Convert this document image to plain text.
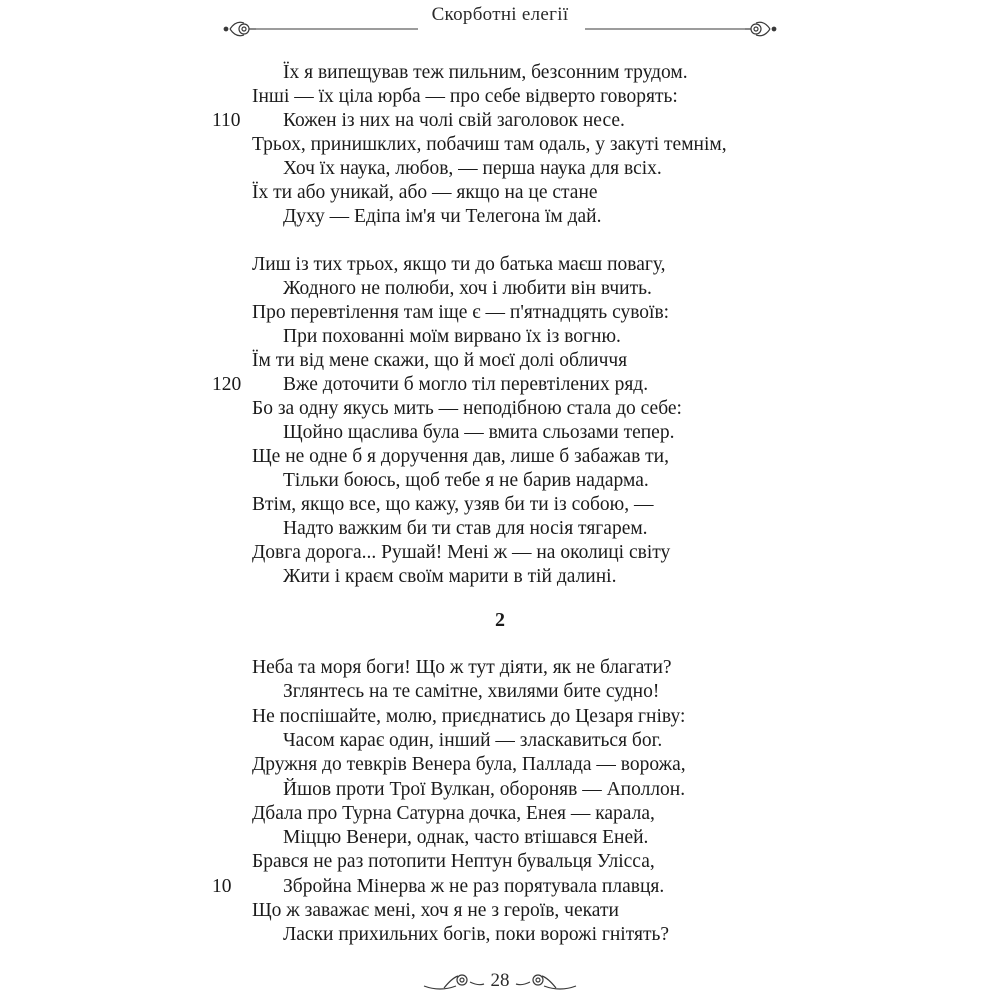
Скорботні елегії
Їх я випещував теж пильним, безсонним трудом.
Інші — їх ціла юрба — про себе відверто говорять:
110 Кожен із них на чолі свій заголовок несе.
Трьох, принишклих, побачиш там одаль, у закуті темнім,
Хоч їх наука, любов, — перша наука для всіх.
Їх ти або уникай, або — якщо на це стане
Духу — Едіпа ім'я чи Телегона їм дай.
Лиш із тих трьох, якщо ти до батька маєш повагу,
Жодного не полюби, хоч і любити він вчить.
Про перевтілення там іще є — п'ятнадцять сувоїв:
При похованні моїм вирвано їх із вогню.
Їм ти від мене скажи, що й моєї долі обличчя
120 Вже доточити б могло тіл перевтілених ряд.
Бо за одну якусь мить — неподібною стала до себе:
Щойно щаслива була — вмита сльозами тепер.
Ще не одне б я доручення дав, лише б забажав ти,
Тільки боюсь, щоб тебе я не барив надарма.
Втім, якщо все, що кажу, узяв би ти із собою, —
Надто важким би ти став для носія тягарем.
Довга дорога... Рушай! Мені ж — на околиці світу
Жити і краєм своїм марити в тій далині.
2
Неба та моря боги! Що ж тут діяти, як не благати?
Зглянтесь на те самітне, хвилями бите судно!
Не поспішайте, молю, приєднатись до Цезаря гніву:
Часом карає один, інший — злаcкавиться бог.
Дружня до тевкрів Венера була, Паллада — ворожа,
Йшов проти Трої Вулкан, обороняв — Аполлон.
Дбала про Турна Сатурна дочка, Енея — карала,
Міццю Венери, однак, часто втішався Еней.
Брався не раз потопити Нептун бувальця Улісса,
10	Збройна Мінерва ж не раз порятувала плавця.
Що ж заважає мені, хоч я не з героїв, чекати
Ласки прихильних богів, поки ворожі гнітять?
28
